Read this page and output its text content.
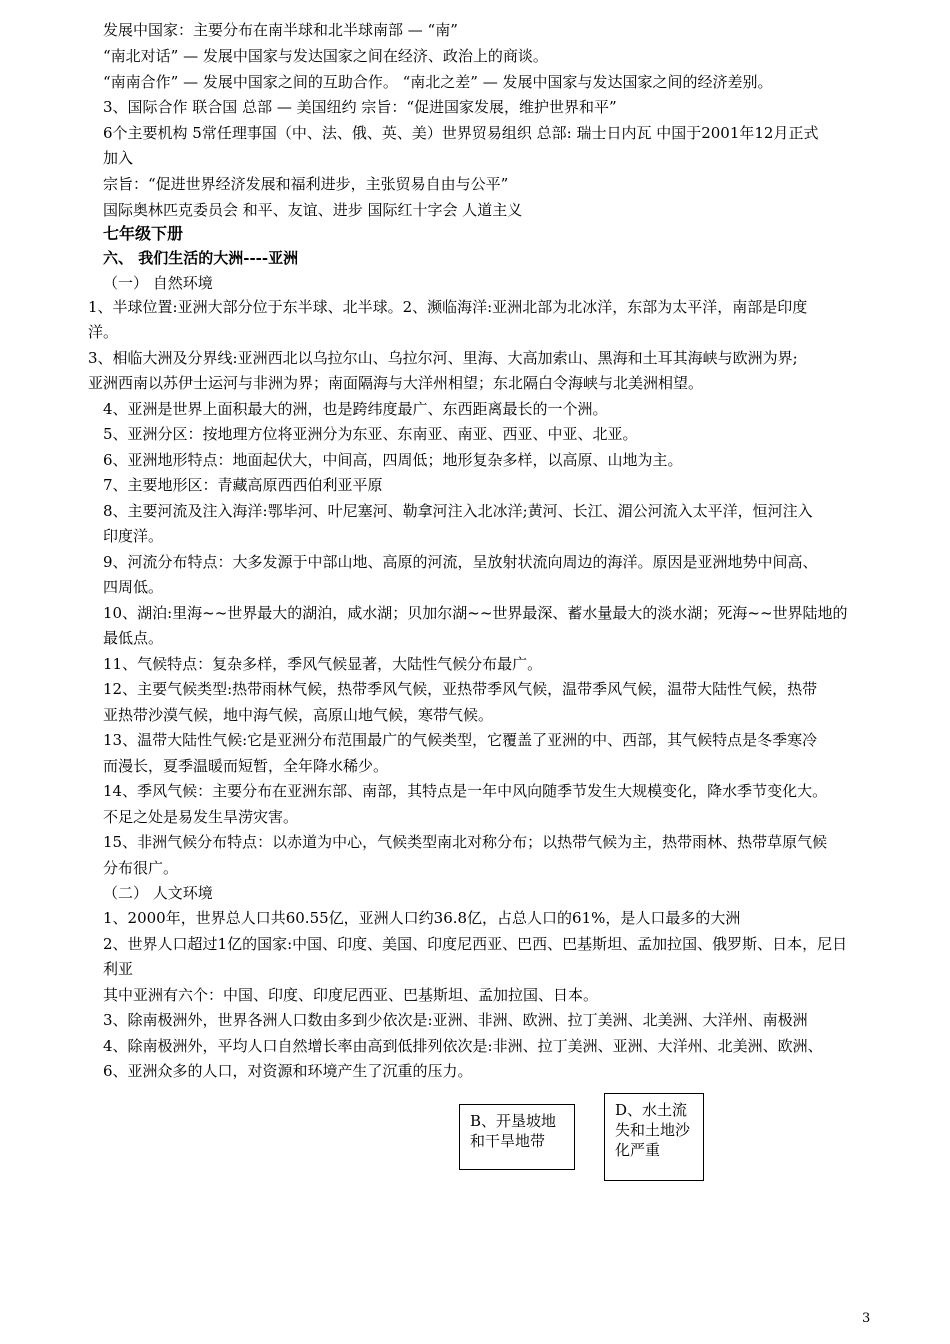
发展中国家：主要分布在南半球和北半球南部 — “南”
“南北对话” — 发展中国家与发达国家之间在经济、政治上的商谈。
“南南合作” — 发展中国家之间的互助合作。 “南北之差” — 发展中国家与发达国家之间的经济差别。
3、国际合作 联合国 总部 — 美国纽约 宗旨：“促进国家发展，维护世界和平”
6个主要机构 5常任理事国（中、法、俄、英、美）世界贸易组织 总部: 瑞士日内瓦 中国于2001年12月正式
加入
宗旨：“促进世界经济发展和福利进步，主张贸易自由与公平”
国际奥林匹克委员会 和平、友谊、进步 国际红十字会 人道主义
七年级下册
六、 我们生活的大洲----亚洲
（一） 自然环境
1、半球位置:亚洲大部分位于东半球、北半球。2、濒临海洋:亚洲北部为北冰洋，东部为太平洋，南部是印度
洋。
3、相临大洲及分界线:亚洲西北以乌拉尔山、乌拉尔河、里海、大高加索山、黑海和土耳其海峡与欧洲为界;
亚洲西南以苏伊士运河与非洲为界；南面隔海与大洋州相望；东北隔白令海峡与北美洲相望。
4、亚洲是世界上面积最大的洲，也是跨纬度最广、东西距离最长的一个洲。
5、亚洲分区：按地理方位将亚洲分为东亚、东南亚、南亚、西亚、中亚、北亚。
6、亚洲地形特点：地面起伏大，中间高，四周低；地形复杂多样，以高原、山地为主。
7、主要地形区：青藏高原西西伯利亚平原
8、主要河流及注入海洋:鄂毕河、叶尼塞河、勒拿河注入北冰洋;黄河、长江、湄公河流入太平洋，恒河注入
印度洋。
9、河流分布特点：大多发源于中部山地、高原的河流，呈放射状流向周边的海洋。原因是亚洲地势中间高、
四周低。
10、湖泊:里海~~世界最大的湖泊，咸水湖；贝加尔湖~~世界最深、蓄水量最大的淡水湖；死海~~世界陆地的
最低点。
11、气候特点：复杂多样，季风气候显著，大陆性气候分布最广。
12、主要气候类型:热带雨林气候，热带季风气候，亚热带季风气候，温带季风气候，温带大陆性气候，热带
亚热带沙漠气候，地中海气候，高原山地气候，寒带气候。
13、温带大陆性气候:它是亚洲分布范围最广的气候类型，它覆盖了亚洲的中、西部，其气候特点是冬季寒冷
而漫长，夏季温暖而短暂，全年降水稀少。
14、季风气候：主要分布在亚洲东部、南部，其特点是一年中风向随季节发生大规模变化，降水季节变化大。
不足之处是易发生旱涝灾害。
15、非洲气候分布特点：以赤道为中心，气候类型南北对称分布；以热带气候为主，热带雨林、热带草原气候
分布很广。
（二） 人文环境
1、2000年，世界总人口共60.55亿，亚洲人口约36.8亿，占总人口的61%，是人口最多的大洲
2、世界人口超过1亿的国家:中国、印度、美国、印度尼西亚、巴西、巴基斯坦、孟加拉国、俄罗斯、日本，尼日
利亚
其中亚洲有六个：中国、印度、印度尼西亚、巴基斯坦、孟加拉国、日本。
3、除南极洲外，世界各洲人口数由多到少依次是:亚洲、非洲、欧洲、拉丁美洲、北美洲、大洋州、南极洲
4、除南极洲外，平均人口自然增长率由高到低排列依次是:非洲、拉丁美洲、亚洲、大洋州、北美洲、欧洲、
6、亚洲众多的人口，对资源和环境产生了沉重的压力。
B、开垦坡地和干旱地带
D、水土流失和土地沙化严重
3
